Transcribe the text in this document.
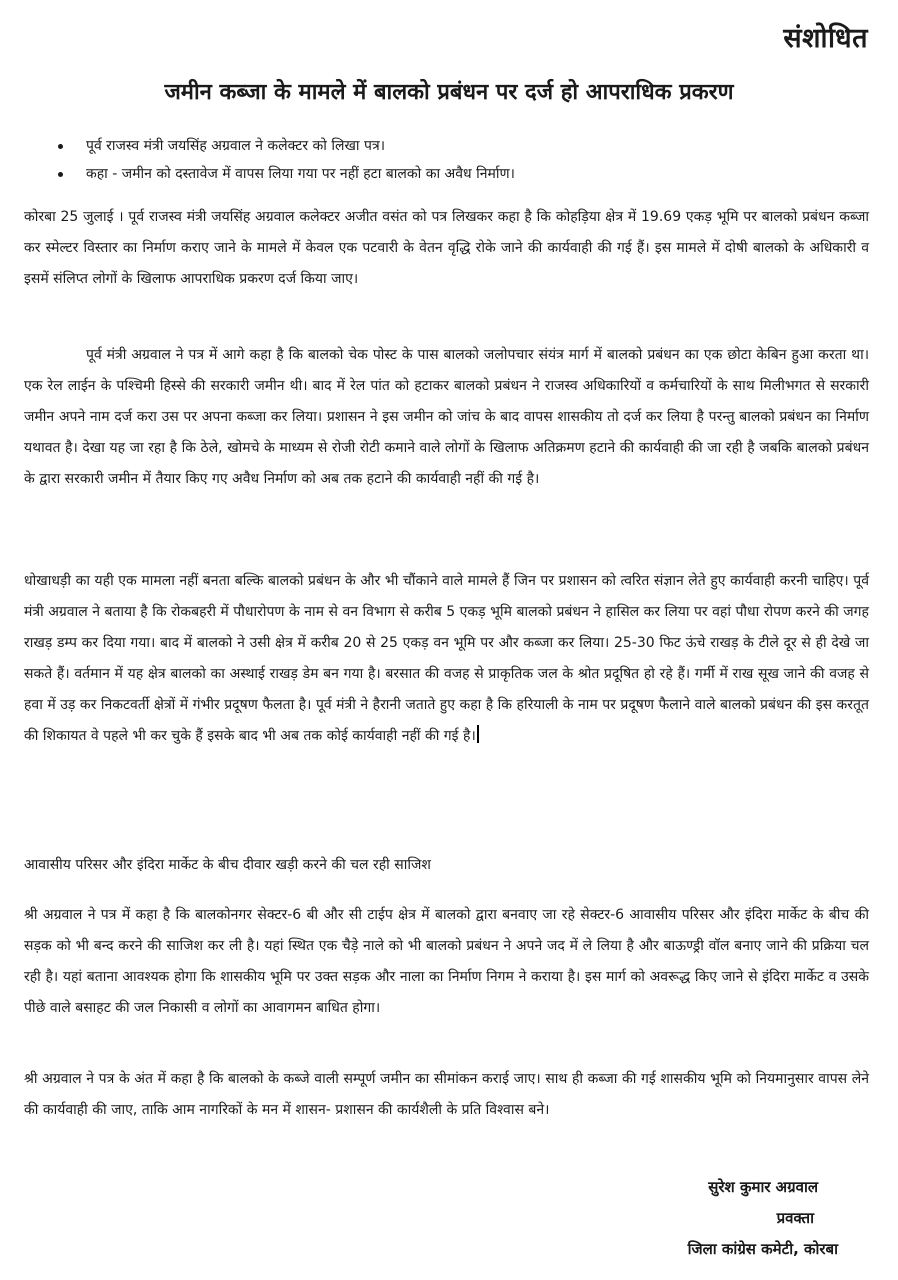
संशोधित
जमीन कब्जा के मामले में बालको प्रबंधन पर दर्ज हो आपराधिक प्रकरण
पूर्व राजस्व मंत्री जयसिंह अग्रवाल ने कलेक्टर को लिखा पत्र।
कहा - जमीन को दस्तावेज में वापस लिया गया पर नहीं हटा बालको का अवैध निर्माण।

कोरबा 25 जुलाई । पूर्व राजस्व मंत्री जयसिंह अग्रवाल कलेक्टर अजीत वसंत को पत्र लिखकर कहा है कि कोहड़िया क्षेत्र में 19.69 एकड़ भूमि पर बालको प्रबंधन कब्जा कर स्मेल्टर विस्तार का निर्माण कराए जाने के मामले में केवल एक पटवारी के वेतन वृद्धि रोके जाने की कार्यवाही की गई हैं। इस मामले में दोषी बालको के अधिकारी व इसमें संलिप्त लोगों के खिलाफ आपराधिक प्रकरण दर्ज किया जाए।

पूर्व मंत्री अग्रवाल ने पत्र में आगे कहा है कि बालको चेक पोस्ट के पास बालको जलोपचार संयंत्र मार्ग में बालको प्रबंधन का एक छोटा केबिन हुआ करता था। एक रेल लाईन के पश्चिमी हिस्से की सरकारी जमीन थी। बाद में रेल पांत को हटाकर बालको प्रबंधन ने राजस्व अधिकारियों व कर्मचारियों के साथ मिलीभगत से सरकारी जमीन अपने नाम दर्ज करा उस पर अपना कब्जा कर लिया। प्रशासन ने इस जमीन को जांच के बाद वापस शासकीय तो दर्ज कर लिया है परन्तु बालको प्रबंधन का निर्माण यथावत है। देखा यह जा रहा है कि ठेले, खोमचे के माध्यम से रोजी रोटी कमाने वाले लोगों के खिलाफ अतिक्रमण हटाने की कार्यवाही की जा रही है जबकि बालको प्रबंधन के द्वारा सरकारी जमीन में तैयार किए गए अवैध निर्माण को अब तक हटाने की कार्यवाही नहीं की गई है।

धोखाधड़ी का यही एक मामला नहीं बनता बल्कि बालको प्रबंधन के और भी चौंकाने वाले मामले हैं जिन पर प्रशासन को त्वरित संज्ञान लेते हुए कार्यवाही करनी चाहिए। पूर्व मंत्री अग्रवाल ने बताया है कि रोकबहरी में पौधारोपण के नाम से वन विभाग से करीब 5 एकड़ भूमि बालको प्रबंधन ने हासिल कर लिया पर वहां पौधा रोपण करने की जगह राखड़ डम्प कर दिया गया। बाद में बालको ने उसी क्षेत्र में करीब 20 से 25 एकड़ वन भूमि पर और कब्जा कर लिया। 25-30 फिट ऊंचे राखड़ के टीले दूर से ही देखे जा सकते हैं। वर्तमान में यह क्षेत्र बालको का अस्थाई राखड़ डेम बन गया है। बरसात की वजह से प्राकृतिक जल के श्रोत प्रदूषित हो रहे हैं। गर्मी में राख सूख जाने की वजह से हवा में उड़ कर निकटवर्ती क्षेत्रों में गंभीर प्रदूषण फैलता है। पूर्व मंत्री ने हैरानी जताते हुए कहा है कि हरियाली के नाम पर प्रदूषण फैलाने वाले बालको प्रबंधन की इस करतूत की शिकायत वे पहले भी कर चुके हैं इसके बाद भी अब तक कोई कार्यवाही नहीं की गई है।

आवासीय परिसर और इंदिरा मार्केट के बीच दीवार खड़ी करने की चल रही साजिश

श्री अग्रवाल ने पत्र में कहा है कि बालकोनगर सेक्टर-6 बी और सी टाईप क्षेत्र में बालको द्वारा बनवाए जा रहे सेक्टर-6 आवासीय परिसर और इंदिरा मार्केट के बीच की सड़क को भी बन्द करने की साजिश कर ली है। यहां स्थित एक चैड़े नाले को भी बालको प्रबंधन ने अपने जद में ले लिया है और बाऊण्ड्री वॉल बनाए जाने की प्रक्रिया चल रही है। यहां बताना आवश्यक होगा कि शासकीय भूमि पर उक्त सड़क और नाला का निर्माण निगम ने कराया है। इस मार्ग को अवरूद्ध किए जाने से इंदिरा मार्केट व उसके पीछे वाले बसाहट की जल निकासी व लोगों का आवागमन बाधित होगा।

श्री अग्रवाल ने पत्र के अंत में कहा है कि बालको के कब्जे वाली सम्पूर्ण जमीन का सीमांकन कराई जाए। साथ ही कब्जा की गई शासकीय भूमि को नियमानुसार वापस लेने की कार्यवाही की जाए, ताकि आम नागरिकों के मन में शासन- प्रशासन की कार्यशैली के प्रति विश्वास बने।

सुरेश कुमार अग्रवाल
प्रवक्ता
जिला कांग्रेस कमेटी, कोरबा
